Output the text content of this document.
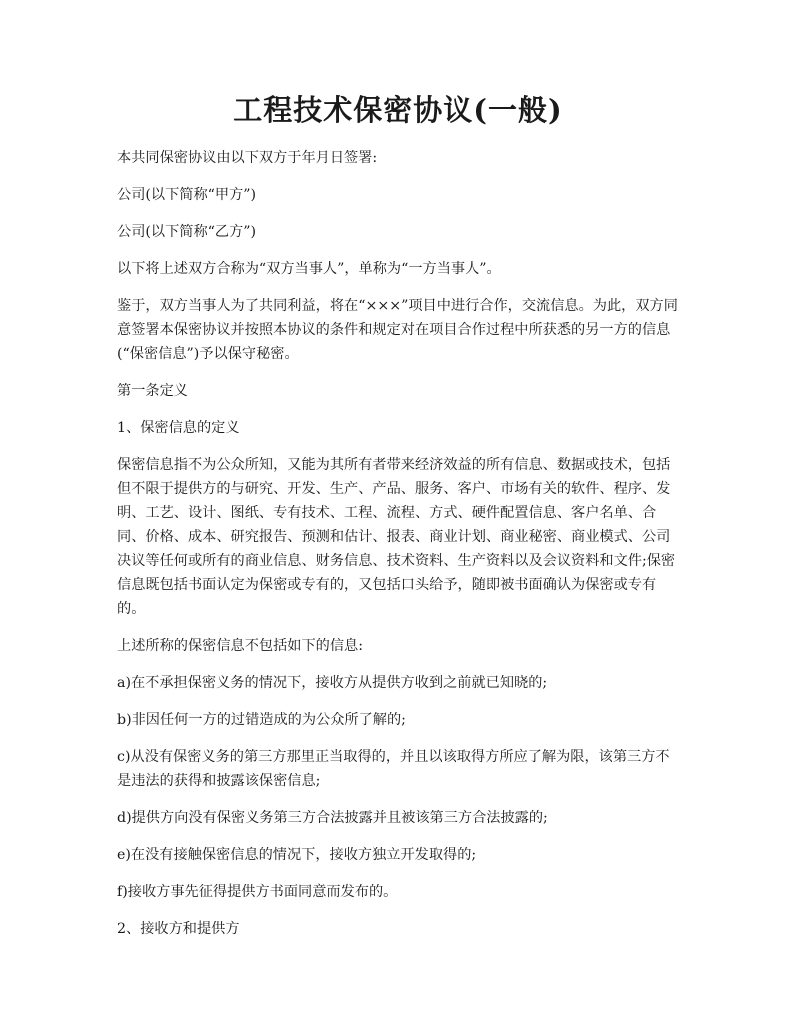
工程技术保密协议(一般)

本共同保密协议由以下双方于年月日签署:

公司(以下简称“甲方”)

公司(以下简称“乙方”)

以下将上述双方合称为“双方当事人”，单称为“一方当事人”。

鉴于，双方当事人为了共同利益，将在“×××”项目中进行合作，交流信息。为此，双方同意签署本保密协议并按照本协议的条件和规定对在项目合作过程中所获悉的另一方的信息(“保密信息”)予以保守秘密。

第一条定义

1、保密信息的定义

保密信息指不为公众所知，又能为其所有者带来经济效益的所有信息、数据或技术，包括但不限于提供方的与研究、开发、生产、产品、服务、客户、市场有关的软件、程序、发明、工艺、设计、图纸、专有技术、工程、流程、方式、硬件配置信息、客户名单、合同、价格、成本、研究报告、预测和估计、报表、商业计划、商业秘密、商业模式、公司决议等任何或所有的商业信息、财务信息、技术资料、生产资料以及会议资料和文件;保密信息既包括书面认定为保密或专有的，又包括口头给予，随即被书面确认为保密或专有的。

上述所称的保密信息不包括如下的信息:

a)在不承担保密义务的情况下，接收方从提供方收到之前就已知晓的;

b)非因任何一方的过错造成的为公众所了解的;

c)从没有保密义务的第三方那里正当取得的，并且以该取得方所应了解为限，该第三方不是违法的获得和披露该保密信息;

d)提供方向没有保密义务第三方合法披露并且被该第三方合法披露的;

e)在没有接触保密信息的情况下，接收方独立开发取得的;

f)接收方事先征得提供方书面同意而发布的。

2、接收方和提供方
